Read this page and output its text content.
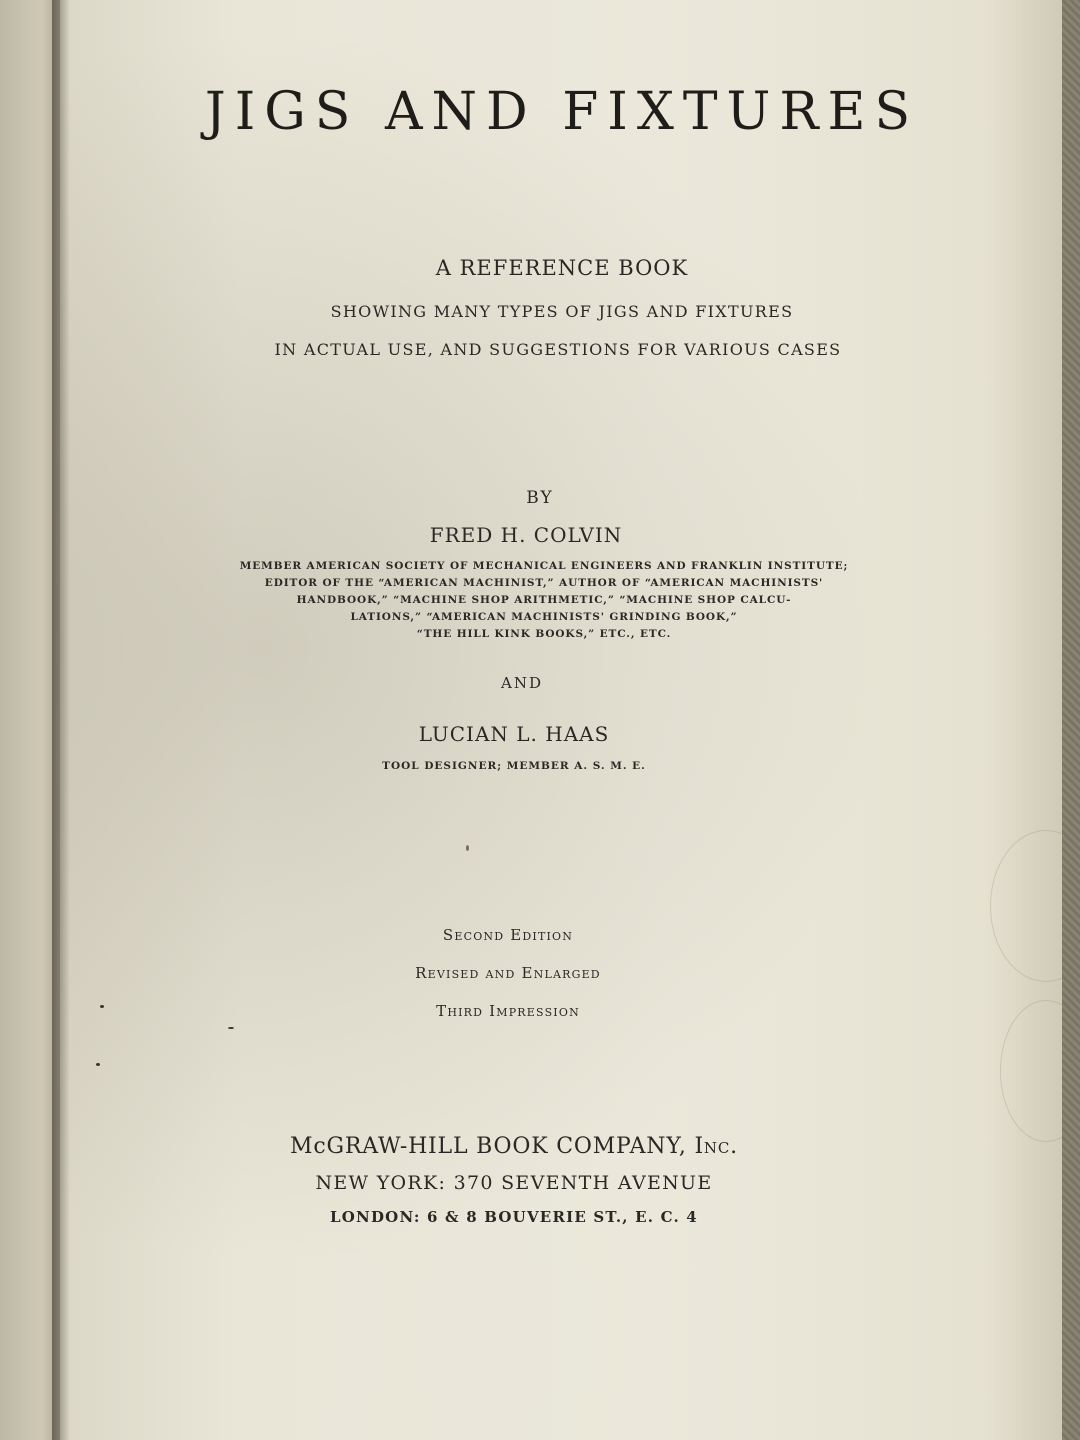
JIGS AND FIXTURES
A REFERENCE BOOK
SHOWING MANY TYPES OF JIGS AND FIXTURES
IN ACTUAL USE, AND SUGGESTIONS FOR VARIOUS CASES
BY
FRED H. COLVIN
MEMBER AMERICAN SOCIETY OF MECHANICAL ENGINEERS AND FRANKLIN INSTITUTE;
EDITOR OF THE “AMERICAN MACHINIST,” AUTHOR OF “AMERICAN MACHINISTS'
HANDBOOK,” “MACHINE SHOP ARITHMETIC,” “MACHINE SHOP CALCU-
LATIONS,” “AMERICAN MACHINISTS' GRINDING BOOK,”
“THE HILL KINK BOOKS,” ETC., ETC.
AND
LUCIAN L. HAAS
TOOL DESIGNER; MEMBER A. S. M. E.
Second Edition
Revised and Enlarged
Third Impression
McGRAW-HILL BOOK COMPANY, Inc.
NEW YORK: 370 SEVENTH AVENUE
LONDON: 6 & 8 BOUVERIE ST., E. C. 4
